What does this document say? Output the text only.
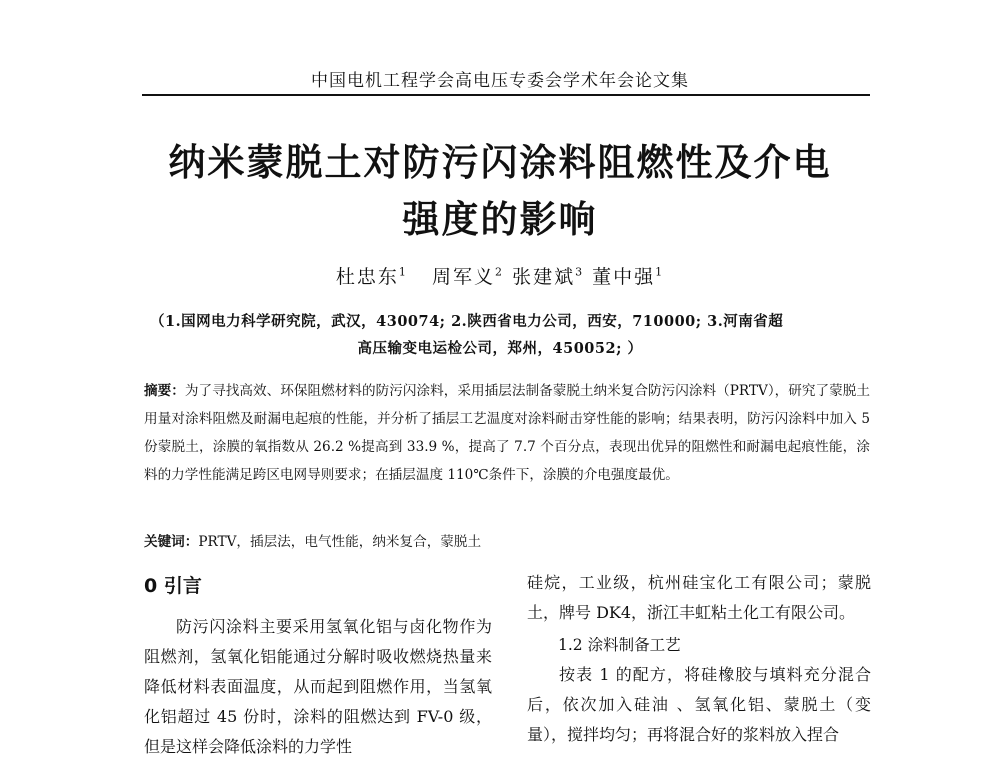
中国电机工程学会高电压专委会学术年会论文集
纳米蒙脱土对防污闪涂料阻燃性及介电
强度的影响
杜忠东$^1$ 周军义$^2$ 张建斌$^3$ 董中强$^1$
（1.国网电力科学研究院，武汉，430074; 2.陕西省电力公司，西安，710000; 3.河南省超
高压输变电运检公司，郑州，450052; ）

摘要：为了寻找高效、环保阻燃材料的防污闪涂料，采用插层法制备蒙脱土纳米复合防污闪涂料（PRTV），研究了蒙脱土用量对涂料阻燃及耐漏电起痕的性能，并分析了插层工艺温度对涂料耐击穿性能的影响；结果表明，防污闪涂料中加入 5 份蒙脱土，涂膜的氧指数从 26.2 %提高到 33.9 %，提高了 7.7 个百分点，表现出优异的阻燃性和耐漏电起痕性能，涂料的力学性能满足跨区电网导则要求；在插层温度 110℃条件下，涂膜的介电强度最优。

关键词：PRTV，插层法，电气性能，纳米复合，蒙脱土

0 引言

防污闪涂料主要采用氢氧化铝与卤化物作为阻燃剂，氢氧化铝能通过分解时吸收燃烧热量来降低材料表面温度，从而起到阻燃作用，当氢氧化铝超过 45 份时，涂料的阻燃达到 FV-0 级，但是这样会降低涂料的力学性

硅烷，工业级，杭州硅宝化工有限公司；蒙脱土，牌号 DK4，浙江丰虹粘土化工有限公司。

1.2 涂料制备工艺

按表 1 的配方，将硅橡胶与填料充分混合后，依次加入硅油 、氢氧化铝、蒙脱土（变量），搅拌均匀；再将混合好的浆料放入捏合
